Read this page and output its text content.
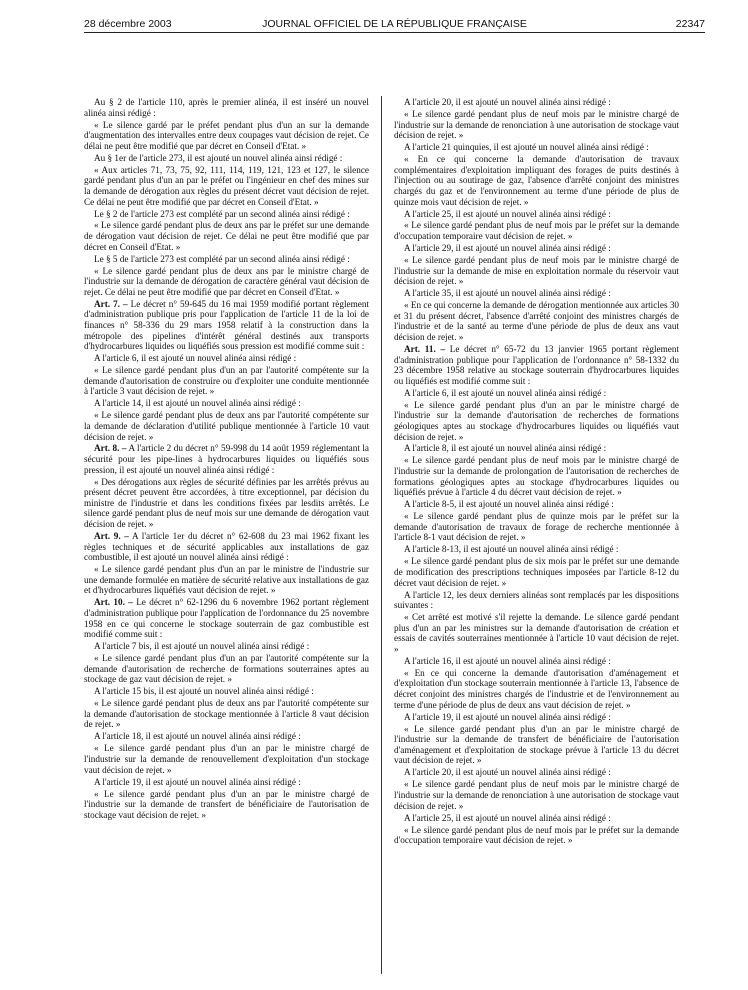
28 décembre 2003	JOURNAL OFFICIEL DE LA RÉPUBLIQUE FRANÇAISE	22347

Au § 2 de l'article 110, après le premier alinéa, il est inséré un nouvel alinéa ainsi rédigé :

« Le silence gardé par le préfet pendant plus d'un an sur la demande d'augmentation des intervalles entre deux coupages vaut décision de rejet. Ce délai ne peut être modifié que par décret en Conseil d'Etat. »

Au § 1er de l'article 273, il est ajouté un nouvel alinéa ainsi rédigé :

« Aux articles 71, 73, 75, 92, 111, 114, 119, 121, 123 et 127, le silence gardé pendant plus d'un an par le préfet ou l'ingénieur en chef des mines sur la demande de dérogation aux règles du présent décret vaut décision de rejet. Ce délai ne peut être modifié que par décret en Conseil d'Etat. »

Le § 2 de l'article 273 est complété par un second alinéa ainsi rédigé :

« Le silence gardé pendant plus de deux ans par le préfet sur une demande de dérogation vaut décision de rejet. Ce délai ne peut être modifié que par décret en Conseil d'Etat. »

Le § 5 de l'article 273 est complété par un second alinéa ainsi rédigé :

« Le silence gardé pendant plus de deux ans par le ministre chargé de l'industrie sur la demande de dérogation de caractère général vaut décision de rejet. Ce délai ne peut être modifié que par décret en Conseil d'Etat. »

Art. 7. – Le décret n° 59-645 du 16 mai 1959 modifié portant règlement d'administration publique pris pour l'application de l'article 11 de la loi de finances n° 58-336 du 29 mars 1958 relatif à la construction dans la métropole des pipelines d'intérêt général destinés aux transports d'hydrocarbures liquides ou liquéfiés sous pression est modifié comme suit :

A l'article 6, il est ajouté un nouvel alinéa ainsi rédigé :

« Le silence gardé pendant plus d'un an par l'autorité compétente sur la demande d'autorisation de construire ou d'exploiter une conduite mentionnée à l'article 3 vaut décision de rejet. »

A l'article 14, il est ajouté un nouvel alinéa ainsi rédigé :

« Le silence gardé pendant plus de deux ans par l'autorité compétente sur la demande de déclaration d'utilité publique mentionnée à l'article 10 vaut décision de rejet. »

Art. 8. – A l'article 2 du décret n° 59-998 du 14 août 1959 réglementant la sécurité pour les pipe-lines à hydrocarbures liquides ou liquéfiés sous pression, il est ajouté un nouvel alinéa ainsi rédigé :

« Des dérogations aux règles de sécurité définies par les arrêtés prévus au présent décret peuvent être accordées, à titre exceptionnel, par décision du ministre de l'industrie et dans les conditions fixées par lesdits arrêtés. Le silence gardé pendant plus de neuf mois sur une demande de dérogation vaut décision de rejet. »

Art. 9. – A l'article 1er du décret n° 62-608 du 23 mai 1962 fixant les règles techniques et de sécurité applicables aux installations de gaz combustible, il est ajouté un nouvel alinéa ainsi rédigé :

« Le silence gardé pendant plus d'un an par le ministre de l'industrie sur une demande formulée en matière de sécurité relative aux installations de gaz et d'hydrocarbures liquéfiés vaut décision de rejet. »

Art. 10. – Le décret n° 62-1296 du 6 novembre 1962 portant règlement d'administration publique pour l'application de l'ordonnance du 25 novembre 1958 en ce qui concerne le stockage souterrain de gaz combustible est modifié comme suit :

A l'article 7 bis, il est ajouté un nouvel alinéa ainsi rédigé :

« Le silence gardé pendant plus d'un an par l'autorité compétente sur la demande d'autorisation de recherche de formations souterraines aptes au stockage de gaz vaut décision de rejet. »

A l'article 15 bis, il est ajouté un nouvel alinéa ainsi rédigé :

« Le silence gardé pendant plus de deux ans par l'autorité compétente sur la demande d'autorisation de stockage mentionnée à l'article 8 vaut décision de rejet. »

A l'article 18, il est ajouté un nouvel alinéa ainsi rédigé :

« Le silence gardé pendant plus d'un an par le ministre chargé de l'industrie sur la demande de renouvellement d'exploitation d'un stockage vaut décision de rejet. »

A l'article 19, il est ajouté un nouvel alinéa ainsi rédigé :

« Le silence gardé pendant plus d'un an par le ministre chargé de l'industrie sur la demande de transfert de bénéficiaire de l'autorisation de stockage vaut décision de rejet. »

A l'article 20, il est ajouté un nouvel alinéa ainsi rédigé :

« Le silence gardé pendant plus de neuf mois par le ministre chargé de l'industrie sur la demande de renonciation à une autorisation de stockage vaut décision de rejet. »

A l'article 21 quinquies, il est ajouté un nouvel alinéa ainsi rédigé :

« En ce qui concerne la demande d'autorisation de travaux complémentaires d'exploitation impliquant des forages de puits destinés à l'injection ou au soutirage de gaz, l'absence d'arrêté conjoint des ministres chargés du gaz et de l'environnement au terme d'une période de plus de quinze mois vaut décision de rejet. »

A l'article 25, il est ajouté un nouvel alinéa ainsi rédigé :

« Le silence gardé pendant plus de neuf mois par le préfet sur la demande d'occupation temporaire vaut décision de rejet. »

A l'article 29, il est ajouté un nouvel alinéa ainsi rédigé :

« Le silence gardé pendant plus de neuf mois par le ministre chargé de l'industrie sur la demande de mise en exploitation normale du réservoir vaut décision de rejet. »

A l'article 35, il est ajouté un nouvel alinéa ainsi rédigé :

« En ce qui concerne la demande de dérogation mentionnée aux articles 30 et 31 du présent décret, l'absence d'arrêté conjoint des ministres chargés de l'industrie et de la santé au terme d'une période de plus de deux ans vaut décision de rejet. »

Art. 11. – Le décret n° 65-72 du 13 janvier 1965 portant règlement d'administration publique pour l'application de l'ordonnance n° 58-1332 du 23 décembre 1958 relative au stockage souterrain d'hydrocarbures liquides ou liquéfiés est modifié comme suit :

A l'article 6, il est ajouté un nouvel alinéa ainsi rédigé :

« Le silence gardé pendant plus d'un an par le ministre chargé de l'industrie sur la demande d'autorisation de recherches de formations géologiques aptes au stockage d'hydrocarbures liquides ou liquéfiés vaut décision de rejet. »

A l'article 8, il est ajouté un nouvel alinéa ainsi rédigé :

« Le silence gardé pendant plus de neuf mois par le ministre chargé de l'industrie sur la demande de prolongation de l'autorisation de recherches de formations géologiques aptes au stockage d'hydrocarbures liquides ou liquéfiés prévue à l'article 4 du décret vaut décision de rejet. »

A l'article 8-5, il est ajouté un nouvel alinéa ainsi rédigé :

« Le silence gardé pendant plus de quinze mois par le préfet sur la demande d'autorisation de travaux de forage de recherche mentionnée à l'article 8-1 vaut décision de rejet. »

A l'article 8-13, il est ajouté un nouvel alinéa ainsi rédigé :

« Le silence gardé pendant plus de six mois par le préfet sur une demande de modification des prescriptions techniques imposées par l'article 8-12 du décret vaut décision de rejet. »

A l'article 12, les deux derniers alinéas sont remplacés par les dispositions suivantes :

« Cet arrêté est motivé s'il rejette la demande. Le silence gardé pendant plus d'un an par les ministres sur la demande d'autorisation de création et essais de cavités souterraines mentionnée à l'article 10 vaut décision de rejet. »

A l'article 16, il est ajouté un nouvel alinéa ainsi rédigé :

« En ce qui concerne la demande d'autorisation d'aménagement et d'exploitation d'un stockage souterrain mentionnée à l'article 13, l'absence de décret conjoint des ministres chargés de l'industrie et de l'environnement au terme d'une période de plus de deux ans vaut décision de rejet. »

A l'article 19, il est ajouté un nouvel alinéa ainsi rédigé :

« Le silence gardé pendant plus d'un an par le ministre chargé de l'industrie sur la demande de transfert de bénéficiaire de l'autorisation d'aménagement et d'exploitation de stockage prévue à l'article 13 du décret vaut décision de rejet. »

A l'article 20, il est ajouté un nouvel alinéa ainsi rédigé :

« Le silence gardé pendant plus de neuf mois par le ministre chargé de l'industrie sur la demande de renonciation à une autorisation de stockage vaut décision de rejet. »

A l'article 25, il est ajouté un nouvel alinéa ainsi rédigé :

« Le silence gardé pendant plus de neuf mois par le préfet sur la demande d'occupation temporaire vaut décision de rejet. »
